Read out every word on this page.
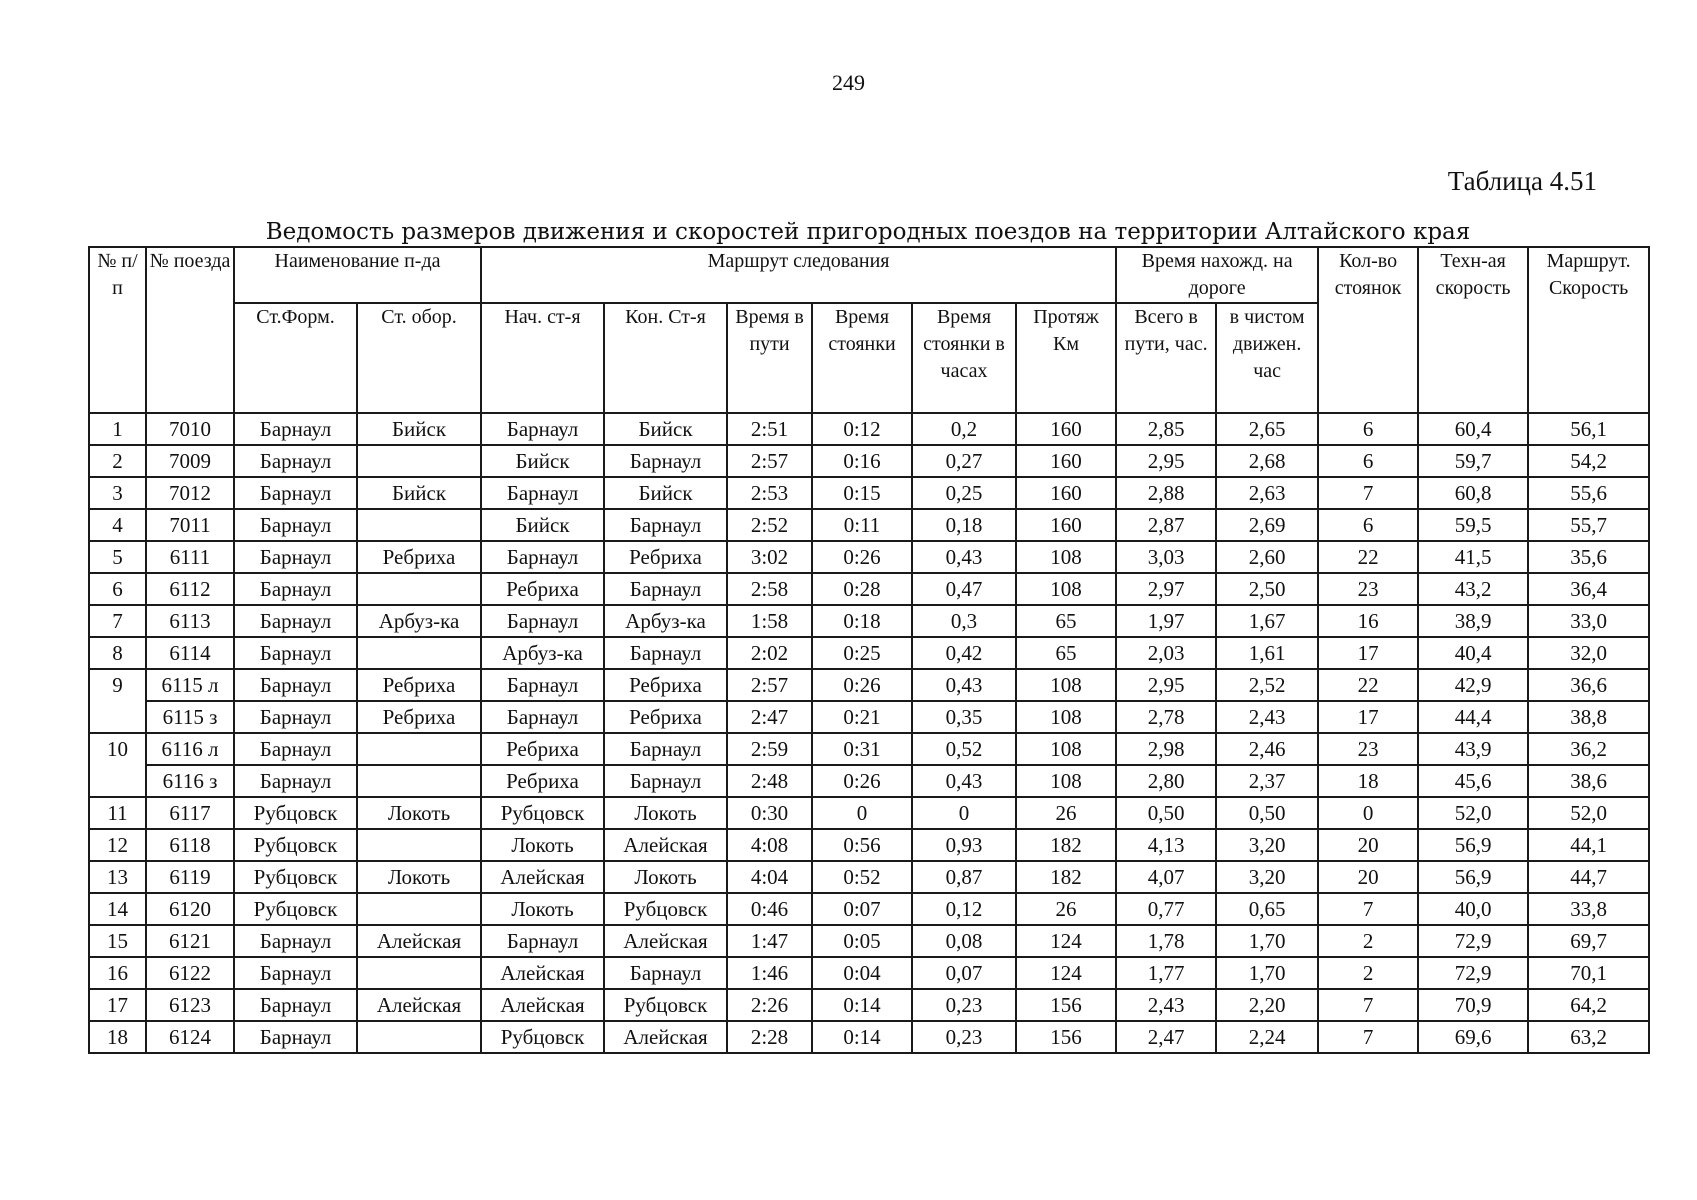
249
Таблица 4.51
Ведомость размеров движения и скоростей пригородных поездов на территории Алтайского края
№ п/п	№ поезда	Наименование п-да		Маршрут следования						Время нахожд. на дороге		Кол-во стоянок	Техн-ая скорость	Маршрут. Скорость
		Ст.Форм.	Ст. обор.	Нач. ст-я	Кон. Ст-я	Время в пути	Время стоянки	Время стоянки в часах	Протяж Км	Всего в пути, час.	в чистом движен. час			
1	7010	Барнаул	Бийск	Барнаул	Бийск	2:51	0:12	0,2	160	2,85	2,65	6	60,4	56,1
2	7009	Барнаул		Бийск	Барнаул	2:57	0:16	0,27	160	2,95	2,68	6	59,7	54,2
3	7012	Барнаул	Бийск	Барнаул	Бийск	2:53	0:15	0,25	160	2,88	2,63	7	60,8	55,6
4	7011	Барнаул		Бийск	Барнаул	2:52	0:11	0,18	160	2,87	2,69	6	59,5	55,7
5	6111	Барнаул	Ребриха	Барнаул	Ребриха	3:02	0:26	0,43	108	3,03	2,60	22	41,5	35,6
6	6112	Барнаул		Ребриха	Барнаул	2:58	0:28	0,47	108	2,97	2,50	23	43,2	36,4
7	6113	Барнаул	Арбуз-ка	Барнаул	Арбуз-ка	1:58	0:18	0,3	65	1,97	1,67	16	38,9	33,0
8	6114	Барнаул		Арбуз-ка	Барнаул	2:02	0:25	0,42	65	2,03	1,61	17	40,4	32,0
9	6115 л	Барнаул	Ребриха	Барнаул	Ребриха	2:57	0:26	0,43	108	2,95	2,52	22	42,9	36,6
	6115 з	Барнаул	Ребриха	Барнаул	Ребриха	2:47	0:21	0,35	108	2,78	2,43	17	44,4	38,8
10	6116 л	Барнаул		Ребриха	Барнаул	2:59	0:31	0,52	108	2,98	2,46	23	43,9	36,2
	6116 з	Барнаул		Ребриха	Барнаул	2:48	0:26	0,43	108	2,80	2,37	18	45,6	38,6
11	6117	Рубцовск	Локоть	Рубцовск	Локоть	0:30	0	0	26	0,50	0,50	0	52,0	52,0
12	6118	Рубцовск		Локоть	Алейская	4:08	0:56	0,93	182	4,13	3,20	20	56,9	44,1
13	6119	Рубцовск	Локоть	Алейская	Локоть	4:04	0:52	0,87	182	4,07	3,20	20	56,9	44,7
14	6120	Рубцовск		Локоть	Рубцовск	0:46	0:07	0,12	26	0,77	0,65	7	40,0	33,8
15	6121	Барнаул	Алейская	Барнаул	Алейская	1:47	0:05	0,08	124	1,78	1,70	2	72,9	69,7
16	6122	Барнаул		Алейская	Барнаул	1:46	0:04	0,07	124	1,77	1,70	2	72,9	70,1
17	6123	Барнаул	Алейская	Алейская	Рубцовск	2:26	0:14	0,23	156	2,43	2,20	7	70,9	64,2
18	6124	Барнаул		Рубцовск	Алейская	2:28	0:14	0,23	156	2,47	2,24	7	69,6	63,2
